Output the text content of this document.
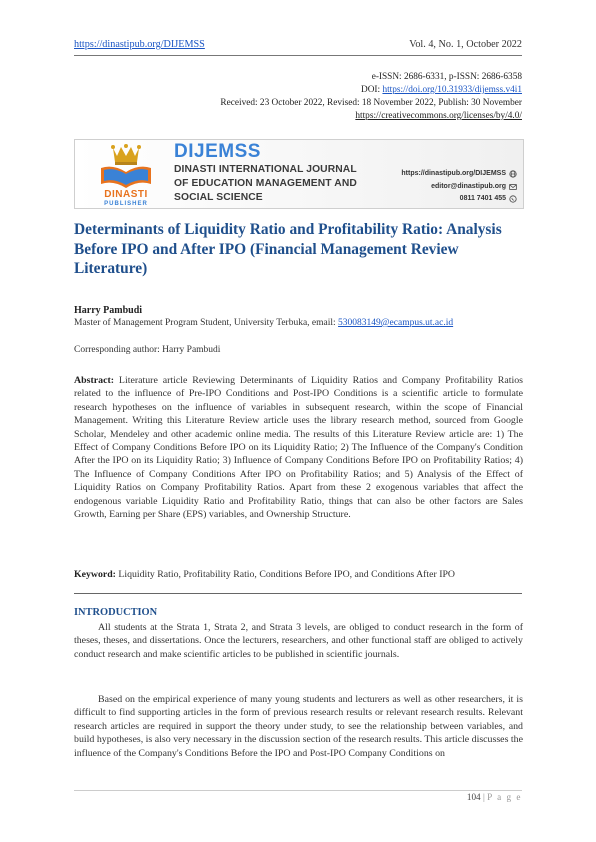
https://dinastipub.org/DIJEMSS	Vol. 4, No. 1, October 2022
e-ISSN: 2686-6331, p-ISSN: 2686-6358
DOI: https://doi.org/10.31933/dijemss.v4i1
Received: 23 October 2022, Revised: 18 November 2022, Publish: 30 November
https://creativecommons.org/licenses/by/4.0/
DINASTI
PUBLISHER
DIJEMSS
DINASTI INTERNATIONAL JOURNAL
OF EDUCATION MANAGEMENT AND
SOCIAL SCIENCE
https://dinastipub.org/DIJEMSS
editor@dinastipub.org
0811 7401 455
Determinants of Liquidity Ratio and Profitability Ratio: Analysis Before IPO and After IPO (Financial Management Review Literature)
Harry Pambudi
Master of Management Program Student, University Terbuka, email: 530083149@ecampus.ut.ac.id
Corresponding author: Harry Pambudi
Abstract: Literature article Reviewing Determinants of Liquidity Ratios and Company Profitability Ratios related to the influence of Pre-IPO Conditions and Post-IPO Conditions is a scientific article to formulate research hypotheses on the influence of variables in subsequent research, within the scope of Financial Management. Writing this Literature Review article uses the library research method, sourced from Google Scholar, Mendeley and other academic online media. The results of this Literature Review article are: 1) The Effect of Company Conditions Before IPO on its Liquidity Ratio; 2) The Influence of the Company's Condition After the IPO on its Liquidity Ratio; 3) Influence of Company Conditions Before IPO on Profitability Ratios; 4) The Influence of Company Conditions After IPO on Profitability Ratios; and 5) Analysis of the Effect of Liquidity Ratios on Company Profitability Ratios. Apart from these 2 exogenous variables that affect the endogenous variable Liquidity Ratio and Profitability Ratio, things that can also be other factors are Sales Growth, Earning per Share (EPS) variables, and Ownership Structure.
Keyword: Liquidity Ratio, Profitability Ratio, Conditions Before IPO, and Conditions After IPO
INTRODUCTION
All students at the Strata 1, Strata 2, and Strata 3 levels, are obliged to conduct research in the form of theses, theses, and dissertations. Once the lecturers, researchers, and other functional staff are obliged to actively conduct research and make scientific articles to be published in scientific journals.
Based on the empirical experience of many young students and lecturers as well as other researchers, it is difficult to find supporting articles in the form of previous research results or relevant research results. Relevant research articles are required in support the theory under study, to see the relationship between variables, and build hypotheses, is also very necessary in the discussion section of the research results. This article discusses the influence of the Company's Conditions Before the IPO and Post-IPO Company Conditions on
104 | P a g e
